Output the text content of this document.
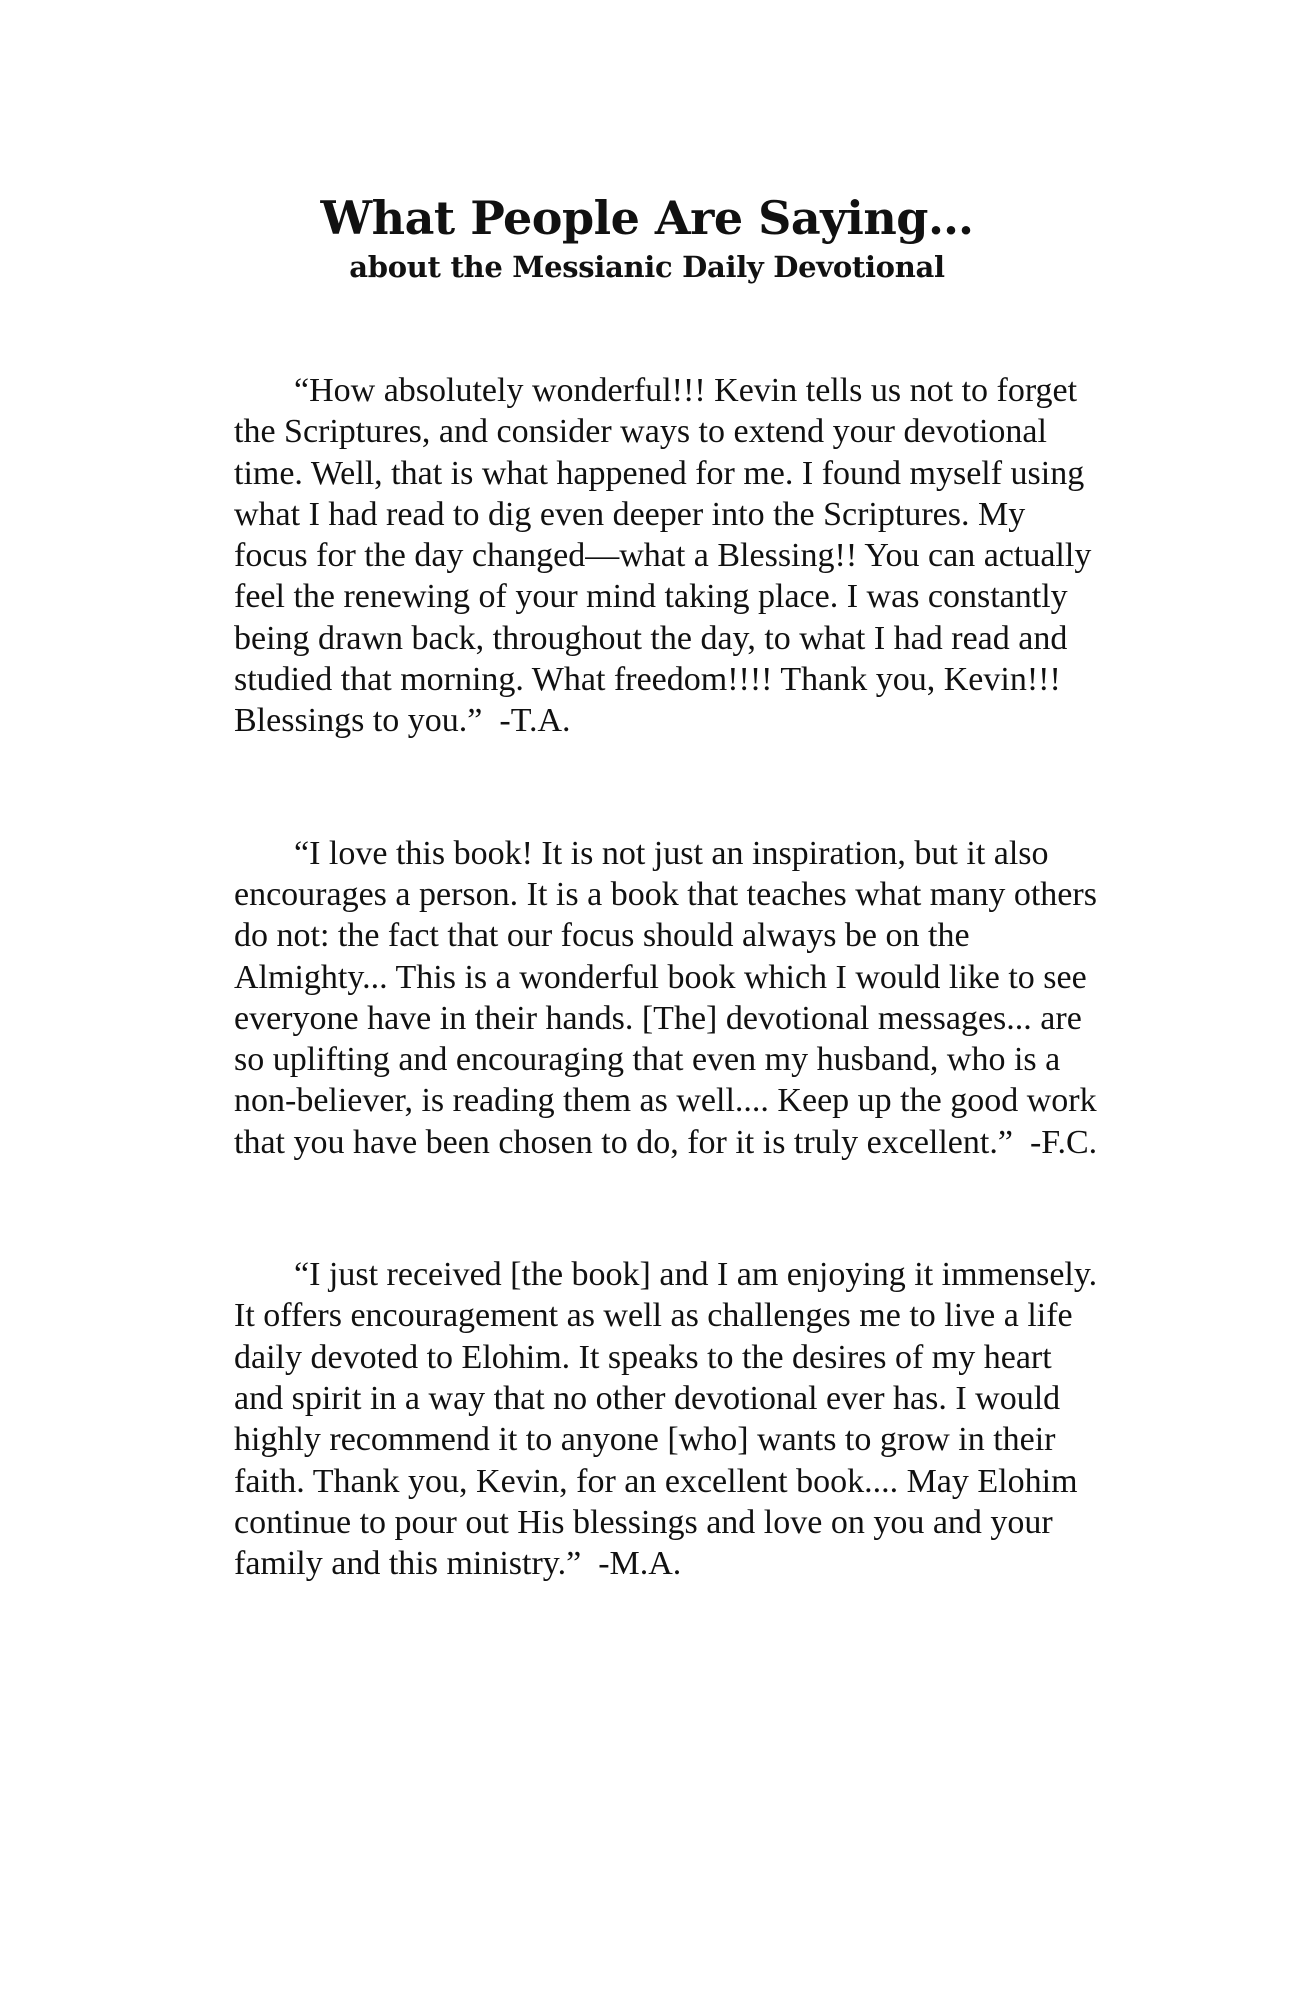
What People Are Saying…
about the Messianic Daily Devotional

“How absolutely wonderful!!! Kevin tells us not to forget the Scriptures, and consider ways to extend your devotional time. Well, that is what happened for me. I found myself using what I had read to dig even deeper into the Scriptures. My focus for the day changed—what a Blessing!! You can actually feel the renewing of your mind taking place. I was constantly being drawn back, throughout the day, to what I had read and studied that morning. What freedom!!!! Thank you, Kevin!!! Blessings to you.” -T.A.

“I love this book! It is not just an inspiration, but it also encourages a person. It is a book that teaches what many others do not: the fact that our focus should always be on the Almighty... This is a wonderful book which I would like to see everyone have in their hands. [The] devotional messages... are so uplifting and encouraging that even my husband, who is a non-believer, is reading them as well.... Keep up the good work that you have been chosen to do, for it is truly excellent.” -F.C.

“I just received [the book] and I am enjoying it immensely. It offers encouragement as well as challenges me to live a life daily devoted to Elohim. It speaks to the desires of my heart and spirit in a way that no other devotional ever has. I would highly recommend it to anyone [who] wants to grow in their faith. Thank you, Kevin, for an excellent book.... May Elohim continue to pour out His blessings and love on you and your family and this ministry.” -M.A.
